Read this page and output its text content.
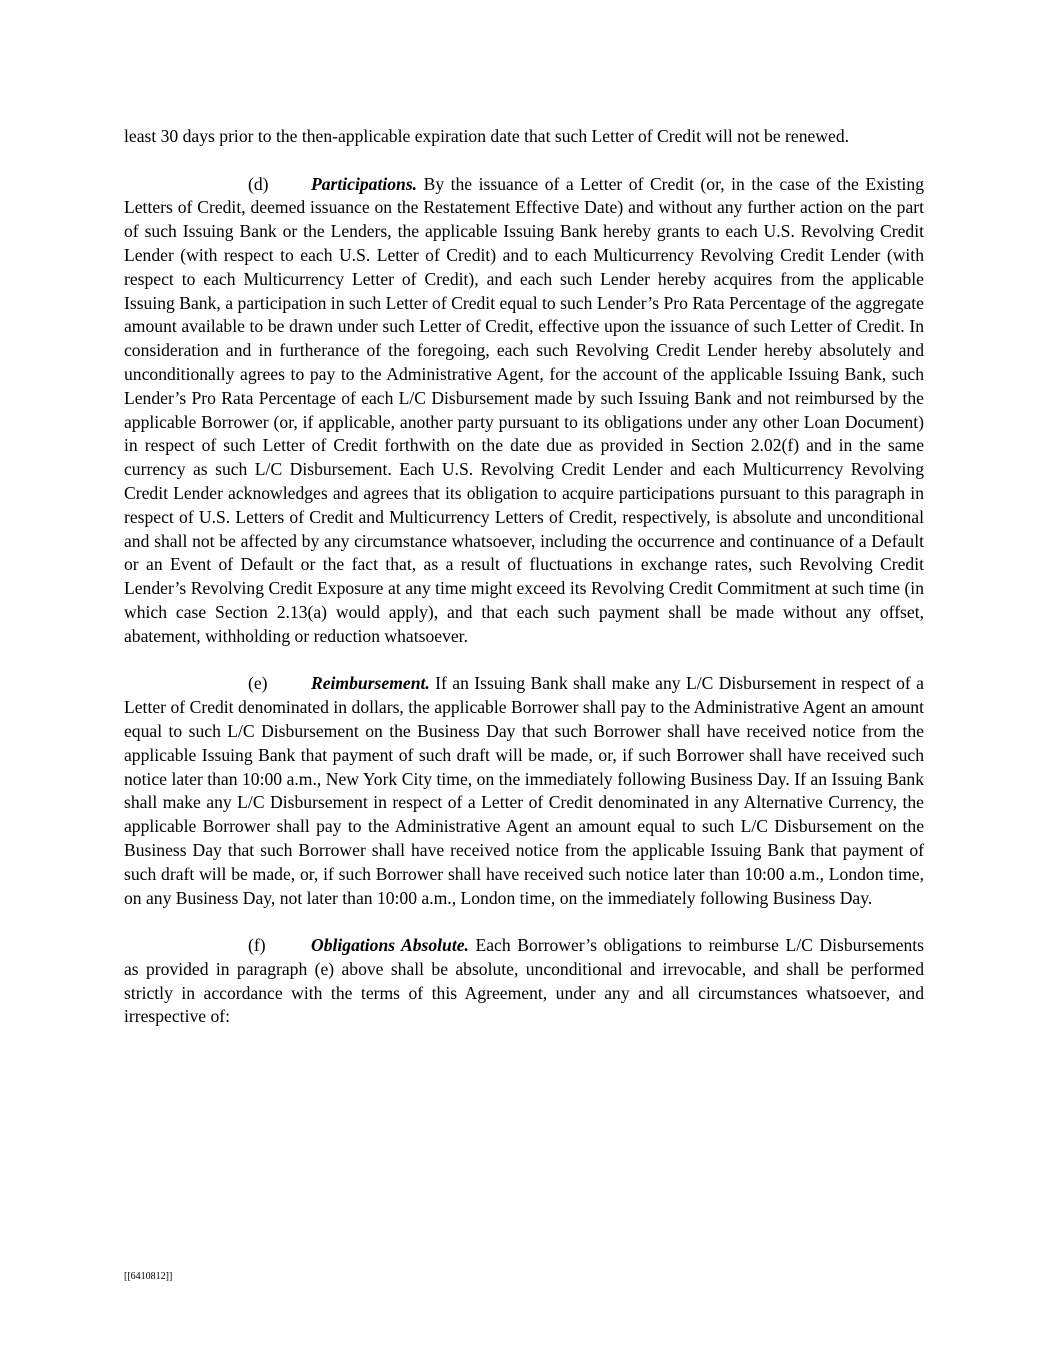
least 30 days prior to the then-applicable expiration date that such Letter of Credit will not be renewed.

(d) Participations. By the issuance of a Letter of Credit (or, in the case of the Existing Letters of Credit, deemed issuance on the Restatement Effective Date) and without any further action on the part of such Issuing Bank or the Lenders, the applicable Issuing Bank hereby grants to each U.S. Revolving Credit Lender (with respect to each U.S. Letter of Credit) and to each Multicurrency Revolving Credit Lender (with respect to each Multicurrency Letter of Credit), and each such Lender hereby acquires from the applicable Issuing Bank, a participation in such Letter of Credit equal to such Lender’s Pro Rata Percentage of the aggregate amount available to be drawn under such Letter of Credit, effective upon the issuance of such Letter of Credit. In consideration and in furtherance of the foregoing, each such Revolving Credit Lender hereby absolutely and unconditionally agrees to pay to the Administrative Agent, for the account of the applicable Issuing Bank, such Lender’s Pro Rata Percentage of each L/C Disbursement made by such Issuing Bank and not reimbursed by the applicable Borrower (or, if applicable, another party pursuant to its obligations under any other Loan Document) in respect of such Letter of Credit forthwith on the date due as provided in Section 2.02(f) and in the same currency as such L/C Disbursement. Each U.S. Revolving Credit Lender and each Multicurrency Revolving Credit Lender acknowledges and agrees that its obligation to acquire participations pursuant to this paragraph in respect of U.S. Letters of Credit and Multicurrency Letters of Credit, respectively, is absolute and unconditional and shall not be affected by any circumstance whatsoever, including the occurrence and continuance of a Default or an Event of Default or the fact that, as a result of fluctuations in exchange rates, such Revolving Credit Lender’s Revolving Credit Exposure at any time might exceed its Revolving Credit Commitment at such time (in which case Section 2.13(a) would apply), and that each such payment shall be made without any offset, abatement, withholding or reduction whatsoever.

(e) Reimbursement. If an Issuing Bank shall make any L/C Disbursement in respect of a Letter of Credit denominated in dollars, the applicable Borrower shall pay to the Administrative Agent an amount equal to such L/C Disbursement on the Business Day that such Borrower shall have received notice from the applicable Issuing Bank that payment of such draft will be made, or, if such Borrower shall have received such notice later than 10:00 a.m., New York City time, on the immediately following Business Day. If an Issuing Bank shall make any L/C Disbursement in respect of a Letter of Credit denominated in any Alternative Currency, the applicable Borrower shall pay to the Administrative Agent an amount equal to such L/C Disbursement on the Business Day that such Borrower shall have received notice from the applicable Issuing Bank that payment of such draft will be made, or, if such Borrower shall have received such notice later than 10:00 a.m., London time, on any Business Day, not later than 10:00 a.m., London time, on the immediately following Business Day.

(f)	Obligations Absolute. Each Borrower’s obligations to reimburse L/C Disbursements as provided in paragraph (e) above shall be absolute, unconditional and irrevocable, and shall be performed strictly in accordance with the terms of this Agreement, under any and all circumstances whatsoever, and irrespective of:

[[6410812]]
